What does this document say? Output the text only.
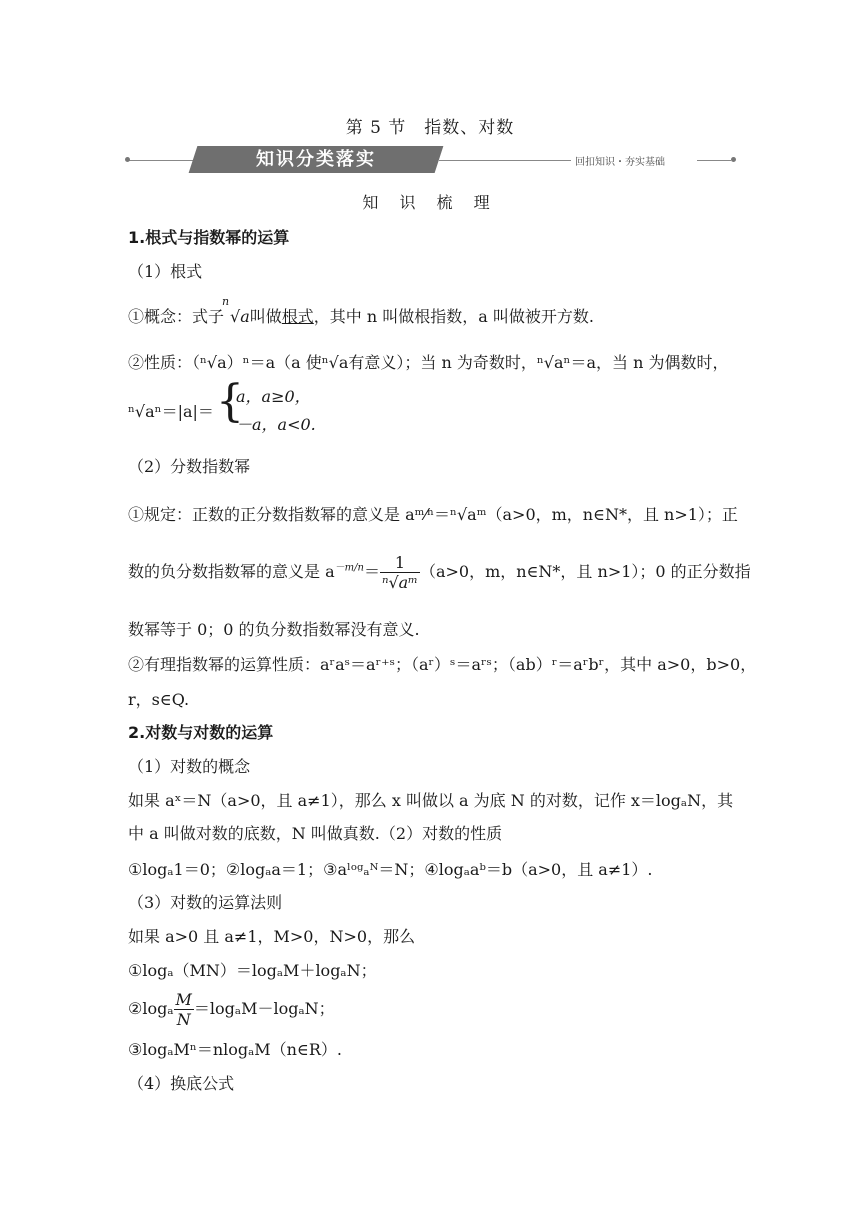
第 5 节　指数、对数
知识分类落实	回扣知识・夯实基础
知 识 梳 理
1.根式与指数幂的运算
（1）根式
①概念：式子
n
√a叫做根式，其中 n 叫做根指数，a 叫做被开方数.
②性质：（ⁿ√a）ⁿ＝a（a 使ⁿ√a有意义）；当 n 为奇数时，ⁿ√aⁿ＝a，当 n 为偶数时，
ⁿ√aⁿ＝|a|＝ {
a，a≥0，
－a，a<0.
（2）分数指数幂
①规定：正数的正分数指数幂的意义是 aᵐ⁄ⁿ＝ⁿ√aᵐ（a>0，m，n∈N*，且 n>1）；正
数的负分数指数幂的意义是 $a^{-m/n}= \frac{1}{\text{ⁿ√aᵐ}} (a>0$，m，n∈N*，且 n>1）；0 的正分数指
数幂等于 0；0 的负分数指数幂没有意义.
②有理指数幂的运算性质：aʳaˢ＝aʳ⁺ˢ；（aʳ）ˢ＝aʳˢ；（ab）ʳ＝aʳbʳ，其中 a>0，b>0，
r，s∈Q.
2.对数与对数的运算
（1）对数的概念
如果 aˣ＝N（a>0，且 a≠1），那么 x 叫做以 a 为底 N 的对数，记作 x＝logₐN，其
中 a 叫做对数的底数，N 叫做真数.（2）对数的性质
①logₐ1＝0；②logₐa＝1；③aˡᵒᵍₐᴺ＝N；④logₐaᵇ＝b（a>0，且 a≠1）.
（3）对数的运算法则
如果 a>0 且 a≠1，M>0，N>0，那么
①logₐ（MN）＝logₐM＋logₐN；
②logₐ $\frac{M}{N} =\log_aM-\log_aN$；
③logₐMⁿ＝nlogₐM（n∈R）.
（4）换底公式
